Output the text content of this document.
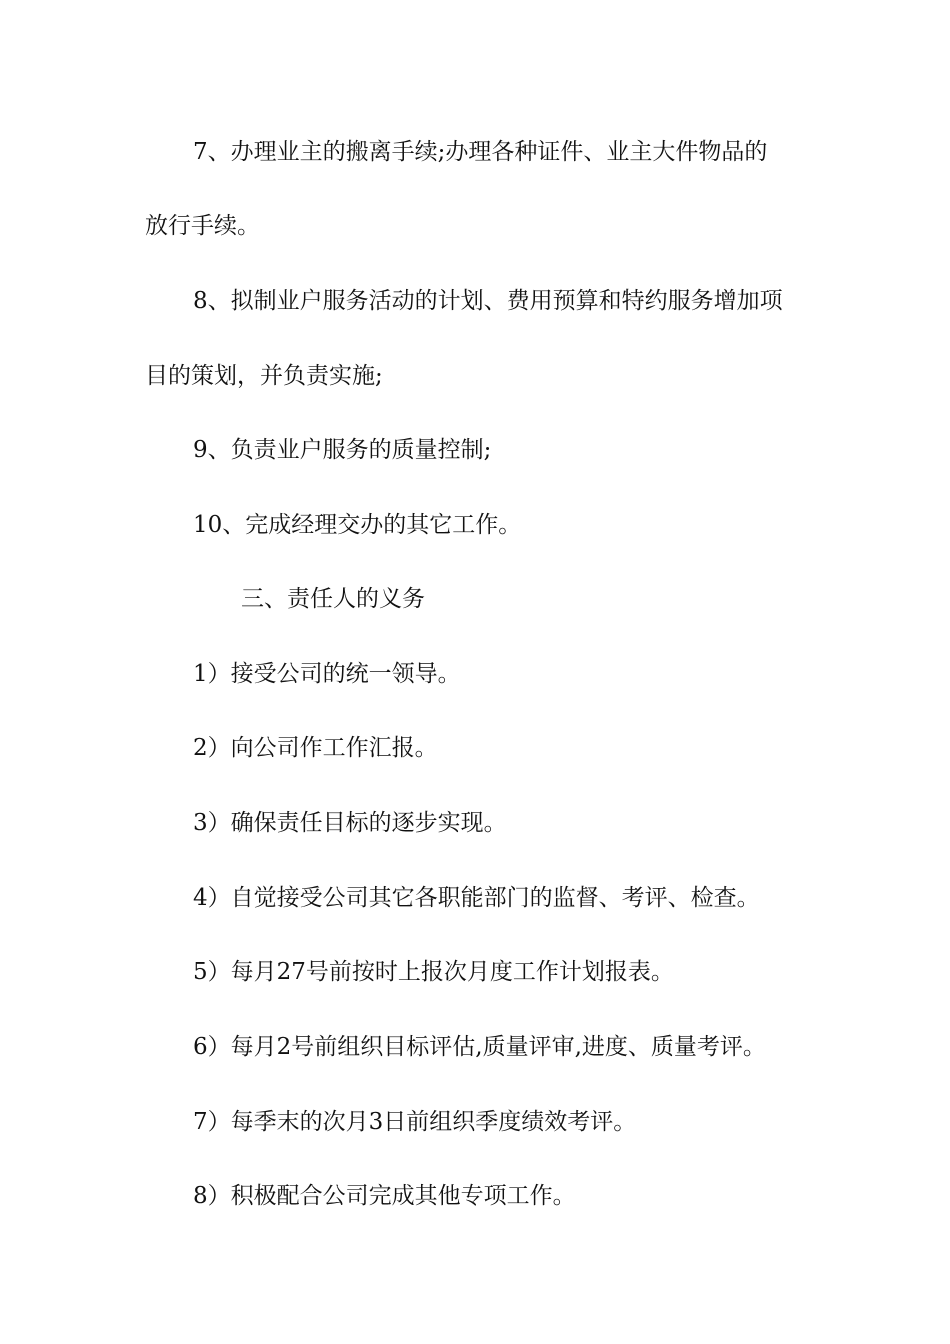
7、办理业主的搬离手续;办理各种证件、业主大件物品的
放行手续。
8、拟制业户服务活动的计划、费用预算和特约服务增加项
目的策划，并负责实施;
9、负责业户服务的质量控制;
10、完成经理交办的其它工作。
三、责任人的义务
1）接受公司的统一领导。
2）向公司作工作汇报。
3）确保责任目标的逐步实现。
4）自觉接受公司其它各职能部门的监督、考评、检查。
5）每月27号前按时上报次月度工作计划报表。
6）每月2号前组织目标评估,质量评审,进度、质量考评。
7）每季末的次月3日前组织季度绩效考评。
8）积极配合公司完成其他专项工作。
